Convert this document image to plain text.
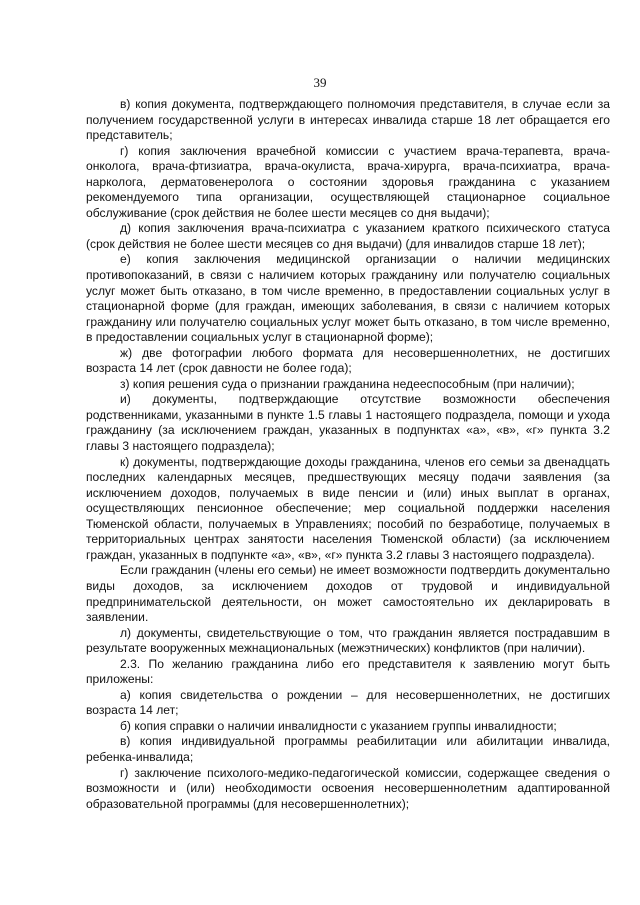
39

в) копия документа, подтверждающего полномочия представителя, в случае если за получением государственной услуги в интересах инвалида старше 18 лет обращается его представитель;

г) копия заключения врачебной комиссии с участием врача-терапевта, врача-онколога, врача-фтизиатра, врача-окулиста, врача-хирурга, врача-психиатра, врача-нарколога, дерматовенеролога о состоянии здоровья гражданина с указанием рекомендуемого типа организации, осуществляющей стационарное социальное обслуживание (срок действия не более шести месяцев со дня выдачи);

д) копия заключения врача-психиатра с указанием краткого психического статуса (срок действия не более шести месяцев со дня выдачи) (для инвалидов старше 18 лет);

е) копия заключения медицинской организации о наличии медицинских противопоказаний, в связи с наличием которых гражданину или получателю социальных услуг может быть отказано, в том числе временно, в предоставлении социальных услуг в стационарной форме (для граждан, имеющих заболевания, в связи с наличием которых гражданину или получателю социальных услуг может быть отказано, в том числе временно, в предоставлении социальных услуг в стационарной форме);

ж) две фотографии любого формата для несовершеннолетних, не достигших возраста 14 лет (срок давности не более года);

з) копия решения суда о признании гражданина недееспособным (при наличии);

и) документы, подтверждающие отсутствие возможности обеспечения родственниками, указанными в пункте 1.5 главы 1 настоящего подраздела, помощи и ухода гражданину (за исключением граждан, указанных в подпунктах «а», «в», «г» пункта 3.2 главы 3 настоящего подраздела);

к) документы, подтверждающие доходы гражданина, членов его семьи за двенадцать последних календарных месяцев, предшествующих месяцу подачи заявления (за исключением доходов, получаемых в виде пенсии и (или) иных выплат в органах, осуществляющих пенсионное обеспечение; мер социальной поддержки населения Тюменской области, получаемых в Управлениях; пособий по безработице, получаемых в территориальных центрах занятости населения Тюменской области) (за исключением граждан, указанных в подпункте «а», «в», «г» пункта 3.2 главы 3 настоящего подраздела).

Если гражданин (члены его семьи) не имеет возможности подтвердить документально виды доходов, за исключением доходов от трудовой и индивидуальной предпринимательской деятельности, он может самостоятельно их декларировать в заявлении.

л) документы, свидетельствующие о том, что гражданин является пострадавшим в результате вооруженных межнациональных (межэтнических) конфликтов (при наличии).

2.3. По желанию гражданина либо его представителя к заявлению могут быть приложены:

а) копия свидетельства о рождении – для несовершеннолетних, не достигших возраста 14 лет;

б) копия справки о наличии инвалидности с указанием группы инвалидности;

в) копия индивидуальной программы реабилитации или абилитации инвалида, ребенка-инвалида;

г) заключение психолого-медико-педагогической комиссии, содержащее сведения о возможности и (или) необходимости освоения несовершеннолетним адаптированной образовательной программы (для несовершеннолетних);
